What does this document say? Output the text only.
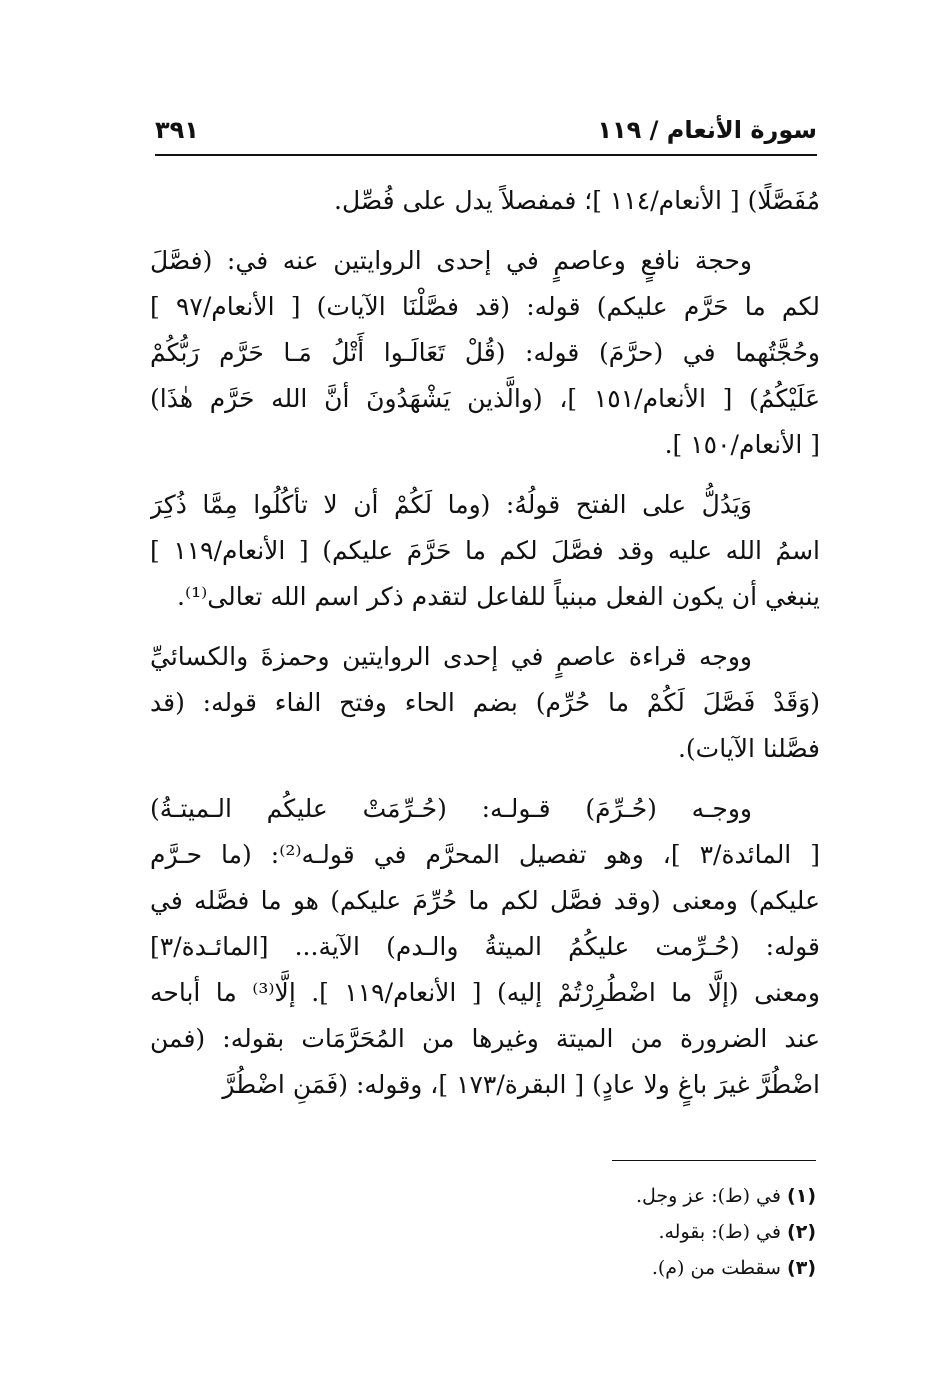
سورة الأنعام / ١١٩
٣٩١
مُفَصَّلًا) [ الأنعام/١١٤ ]؛ فمفصلاً يدل على فُصِّل.
وحجة نافعٍ وعاصمٍ في إحدى الروايتين عنه في: (فصَّلَ
لكم ما حَرَّم عليكم) قوله: (قد فصَّلْنَا الآيات) [ الأنعام/٩٧ ]
وحُجَّتُهما في (حرَّمَ) قوله: (قُلْ تَعَالَـوا أَتْلُ مَـا حَرَّم رَبُّكُمْ
عَلَيْكُمُ) [ الأنعام/١٥١ ]، (والَّذين يَشْهَدُونَ أنَّ الله حَرَّم هٰذَا)
[ الأنعام/١٥٠ ].
وَيَدُلُّ على الفتح قولُهُ: (وما لَكُمْ أن لا تأكُلُوا مِمَّا ذُكِرَ
اسمُ الله عليه وقد فصَّلَ لكم ما حَرَّمَ عليكم) [ الأنعام/١١٩ ]
ينبغي أن يكون الفعل مبنياً للفاعل لتقدم ذكر اسم الله تعالى⁽¹⁾.
ووجه قراءة عاصمٍ في إحدى الروايتين وحمزةَ والكسائيِّ
(وَقَدْ فَصَّلَ لَكُمْ ما حُرِّم) بضم الحاء وفتح الفاء قوله: (قد
فصَّلنا الآيات).
ووجـه (حُـرِّمَ) قـولـه: (حُـرِّمَتْ عليكُم الـميتـةُ)
[ المائدة/٣ ]، وهو تفصيل المحرَّم في قولـه⁽²⁾: (ما حـرَّم
عليكم) ومعنى (وقد فصَّل لكم ما حُرِّمَ عليكم) هو ما فصَّله في
قوله: (حُـرِّمت عليكُمُ الميتةُ والـدم) الآية... [المائـدة/٣]
ومعنى (إلَّا ما اضْطُرِرْتُمْ إليه) [ الأنعام/١١٩ ]. إلَّا⁽³⁾ ما أباحه
عند الضرورة من الميتة وغيرها من المُحَرَّمَات بقوله: (فمن
اضْطُرَّ غيرَ باغٍ ولا عادٍ) [ البقرة/١٧٣ ]، وقوله: (فَمَنِ اضْطُرَّ
(١) في (ط): عز وجل.
(٢) في (ط): بقوله.
(٣) سقطت من (م).
